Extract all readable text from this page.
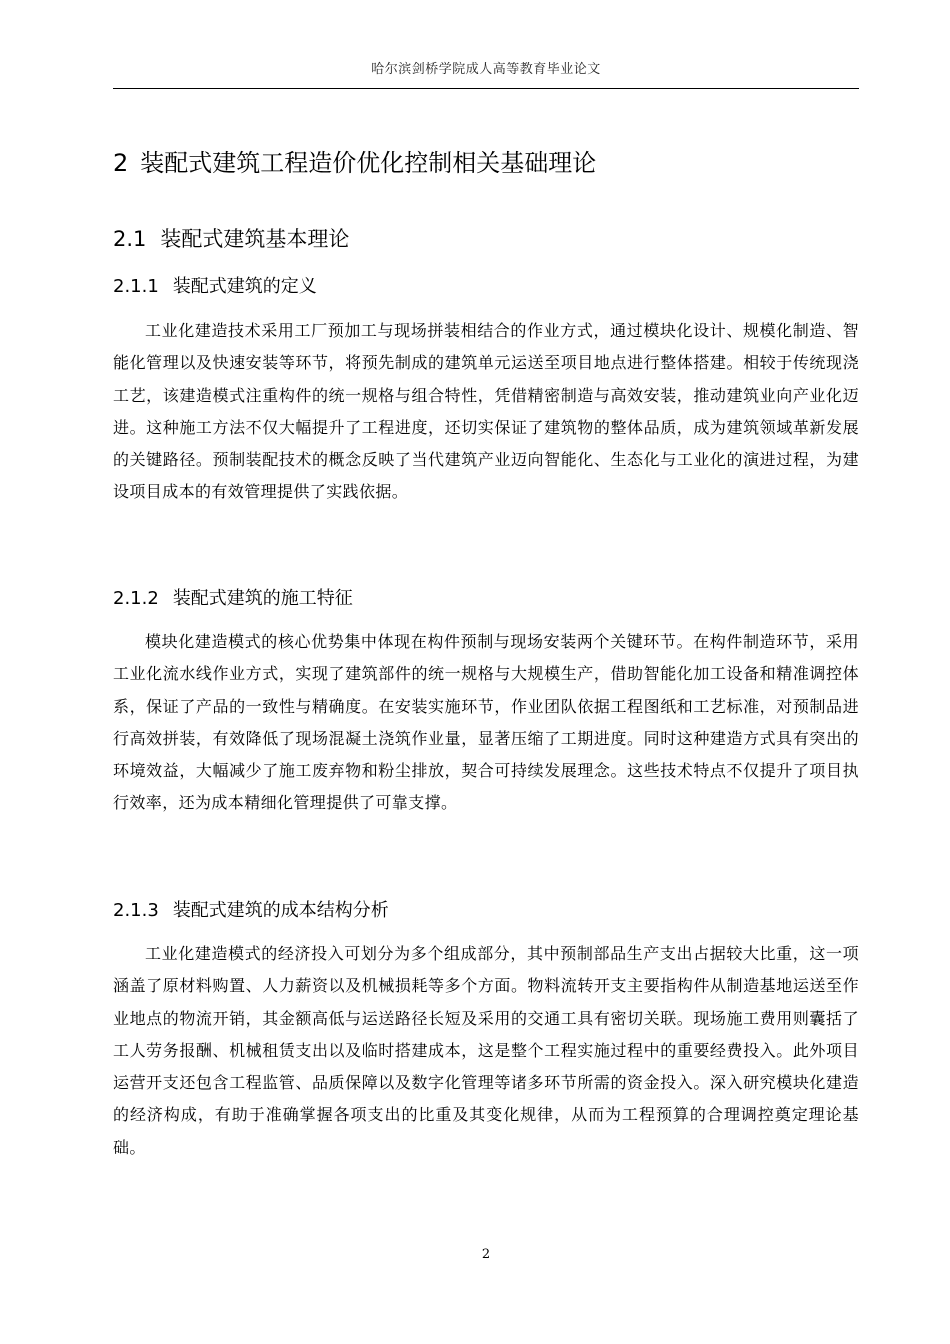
哈尔滨剑桥学院成人高等教育毕业论文
2 装配式建筑工程造价优化控制相关基础理论
2.1 装配式建筑基本理论
2.1.1 装配式建筑的定义

工业化建造技术采用工厂预加工与现场拼装相结合的作业方式，通过模块化设计、规模化制造、智能化管理以及快速安装等环节，将预先制成的建筑单元运送至项目地点进行整体搭建。相较于传统现浇工艺，该建造模式注重构件的统一规格与组合特性，凭借精密制造与高效安装，推动建筑业向产业化迈进。这种施工方法不仅大幅提升了工程进度，还切实保证了建筑物的整体品质，成为建筑领域革新发展的关键路径。预制装配技术的概念反映了当代建筑产业迈向智能化、生态化与工业化的演进过程，为建设项目成本的有效管理提供了实践依据。

2.1.2 装配式建筑的施工特征

模块化建造模式的核心优势集中体现在构件预制与现场安装两个关键环节。在构件制造环节，采用工业化流水线作业方式，实现了建筑部件的统一规格与大规模生产，借助智能化加工设备和精准调控体系，保证了产品的一致性与精确度。在安装实施环节，作业团队依据工程图纸和工艺标准，对预制品进行高效拼装，有效降低了现场混凝土浇筑作业量，显著压缩了工期进度。同时这种建造方式具有突出的环境效益，大幅减少了施工废弃物和粉尘排放，契合可持续发展理念。这些技术特点不仅提升了项目执行效率，还为成本精细化管理提供了可靠支撑。

2.1.3 装配式建筑的成本结构分析

工业化建造模式的经济投入可划分为多个组成部分，其中预制部品生产支出占据较大比重，这一项涵盖了原材料购置、人力薪资以及机械损耗等多个方面。物料流转开支主要指构件从制造基地运送至作业地点的物流开销，其金额高低与运送路径长短及采用的交通工具有密切关联。现场施工费用则囊括了工人劳务报酬、机械租赁支出以及临时搭建成本，这是整个工程实施过程中的重要经费投入。此外项目运营开支还包含工程监管、品质保障以及数字化管理等诸多环节所需的资金投入。深入研究模块化建造的经济构成，有助于准确掌握各项支出的比重及其变化规律，从而为工程预算的合理调控奠定理论基础。

2
